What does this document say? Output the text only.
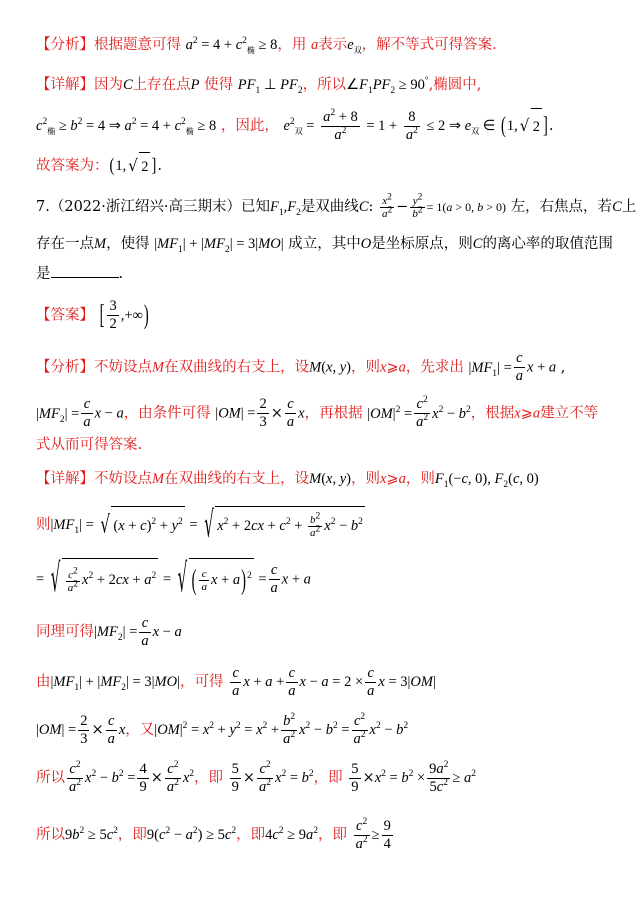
【分析】根据题意可得 $a^2 = 4 + c^2_椭 \ge 8$，用 a表示$e_双$，解不等式可得答案.
【详解】因为C上存在点P 使得 $PF_1$ ⊥ $PF_2$，所以$\angle F_1PF_2 \ge 90^\circ$,椭圆中,
$c^2_椭 \ge b^2 = 4$ ⇒ $a^2 = 4 + c^2_椭 \ge 8$ ，因此， $e^2_双 = \frac{a^2 + 8}{a^2} = 1 + \frac{8}{a^2} \le 2$ ⇒ $e_双$ ∈ (1, √ 2 ].
故答案为：(1, √ 2 ].
7.（2022·浙江绍兴·高三期末）已知$F_1,F_2$是双曲线C: $\frac{x^2}{a^2} - \frac{y^2}{b^2} = 1(a > 0$, b > 0) 左，右焦点，若C上
存在一点M，使得 $|MF_1| + |MF_2| = 3|MO|$ 成立，其中O是坐标原点，则C的离心率的取值范围
是	.
【答案】 [ $\frac{3}{2}$ ,+∞)
【分析】不妨设点M在双曲线的右支上，设M(x, y)，则x⩾a，先求出 $|MF_1| = \frac{c}{a}$ x + a ,
$|MF_2| = \frac{c}{a}$ x − a，由条件可得 $|OM| = \frac{2}{3} \times \frac{c}{a}$ x，再根据 $|OM|^2 = \frac{c^2}{a^2} x^2 - b^2$，根据x⩾a建立不等
式从而可得答案.
【详解】不妨设点M在双曲线的右支上，设M(x, y)，则x⩾a，则$F_1(-c$, 0), $F_2(c$, 0)
则$|MF_1|$ = √ $(x + c)^2 + y^2$ = √ $x^2 + 2cx + c^2 + \frac{b^2}{a^2} x^2 - b^2$
= √ $\frac{c^2}{a^2} x^2 + 2cx + a^2$ = √ ( $\frac{c}{a}$ $x + a)^2 = \frac{c}{a}$ x + a
同理可得$|MF_2| = \frac{c}{a}$ x − a
由$|MF_1| + |MF_2| = 3|MO|$，可得 $\frac{c}{a}$ $x + a + \frac{c}{a}$ $x - a = 2 \times \frac{c}{a}$ x = 3|OM|
$|OM| = \frac{2}{3} \times \frac{c}{a}$ x，又$|OM|^2 = x^2 + y^2 = x^2 + \frac{b^2}{a^2} x^2 - b^2 = \frac{c^2}{a^2} x^2 - b^2$
所以 $\frac{c^2}{a^2} x^2 - b^2 = \frac{4}{9} \times \frac{c^2}{a^2} x^2$，即 $\frac{5}{9} \times \frac{c^2}{a^2} x^2 = b^2$，即 $\frac{5}{9} \times x^2 = b^2 \times \frac{9a^2}{5c^2} \ge a^2$
所以$9b^2 \ge 5c^2$，即$9(c^2 - a^2) \ge 5c^2$，即$4c^2 \ge 9a^2$，即 $\frac{c^2}{a^2} \ge \frac{9}{4}$
